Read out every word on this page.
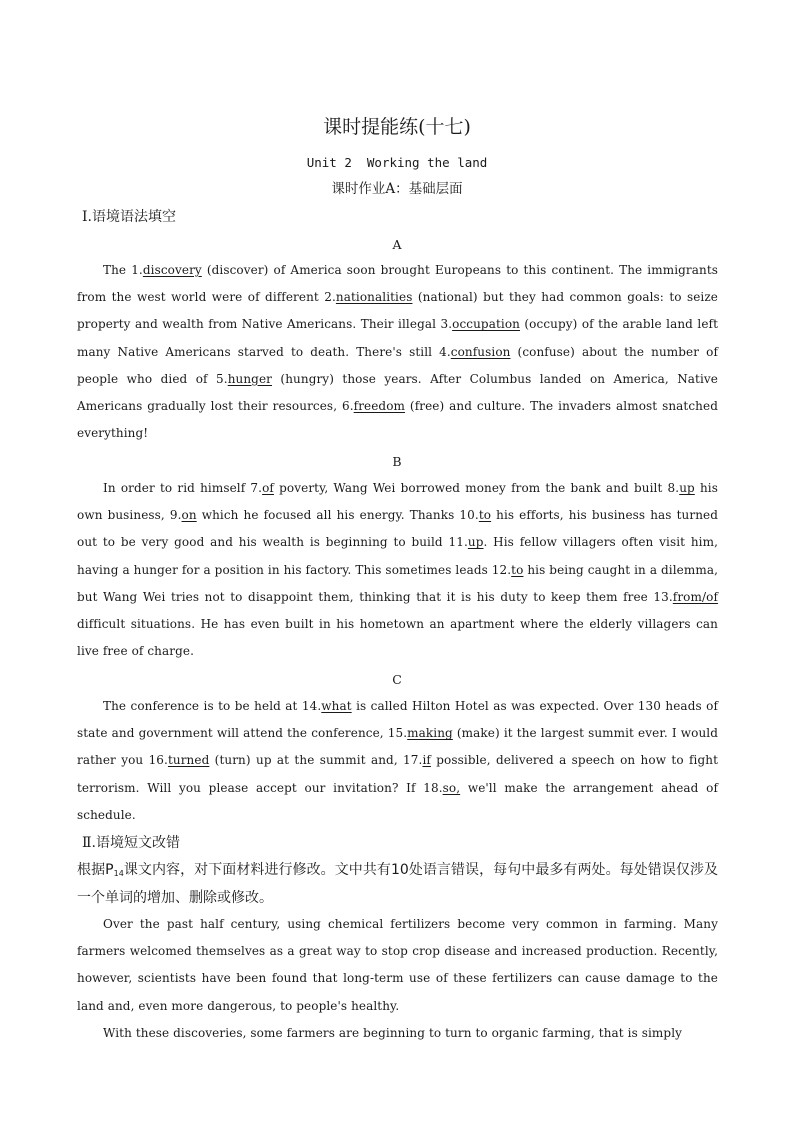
课时提能练(十七)
Unit 2  Working the land
课时作业A：基础层面
Ⅰ.语境语法填空
A
The 1.discovery (discover) of America soon brought Europeans to this continent. The immigrants from the west world were of different 2.nationalities (national) but they had common goals: to seize property and wealth from Native Americans. Their illegal 3.occupation (occupy) of the arable land left many Native Americans starved to death. There's still 4.confusion (confuse) about the number of people who died of 5.hunger (hungry) those years. After Columbus landed on America, Native Americans gradually lost their resources, 6.freedom (free) and culture. The invaders almost snatched everything!
B
In order to rid himself 7.of poverty, Wang Wei borrowed money from the bank and built 8.up his own business, 9.on which he focused all his energy. Thanks 10.to his efforts, his business has turned out to be very good and his wealth is beginning to build 11.up. His fellow villagers often visit him, having a hunger for a position in his factory. This sometimes leads 12.to his being caught in a dilemma, but Wang Wei tries not to disappoint them, thinking that it is his duty to keep them free 13.from/of difficult situations. He has even built in his hometown an apartment where the elderly villagers can live free of charge.
C
The conference is to be held at 14.what is called Hilton Hotel as was expected. Over 130 heads of state and government will attend the conference, 15.making (make) it the largest summit ever. I would rather you 16.turned (turn) up at the summit and, 17.if possible, delivered a speech on how to fight terrorism. Will you please accept our invitation? If 18.so, we'll make the arrangement ahead of schedule.
Ⅱ.语境短文改错
根据$P_{14}$课文内容，对下面材料进行修改。文中共有10处语言错误，每句中最多有两处。每处错误仅涉及一个单词的增加、删除或修改。
Over the past half century, using chemical fertilizers become very common in farming. Many farmers welcomed themselves as a great way to stop crop disease and increased production. Recently, however, scientists have been found that long-term use of these fertilizers can cause damage to the land and, even more dangerous, to people's healthy.
With these discoveries, some farmers are beginning to turn to organic farming, that is simply
